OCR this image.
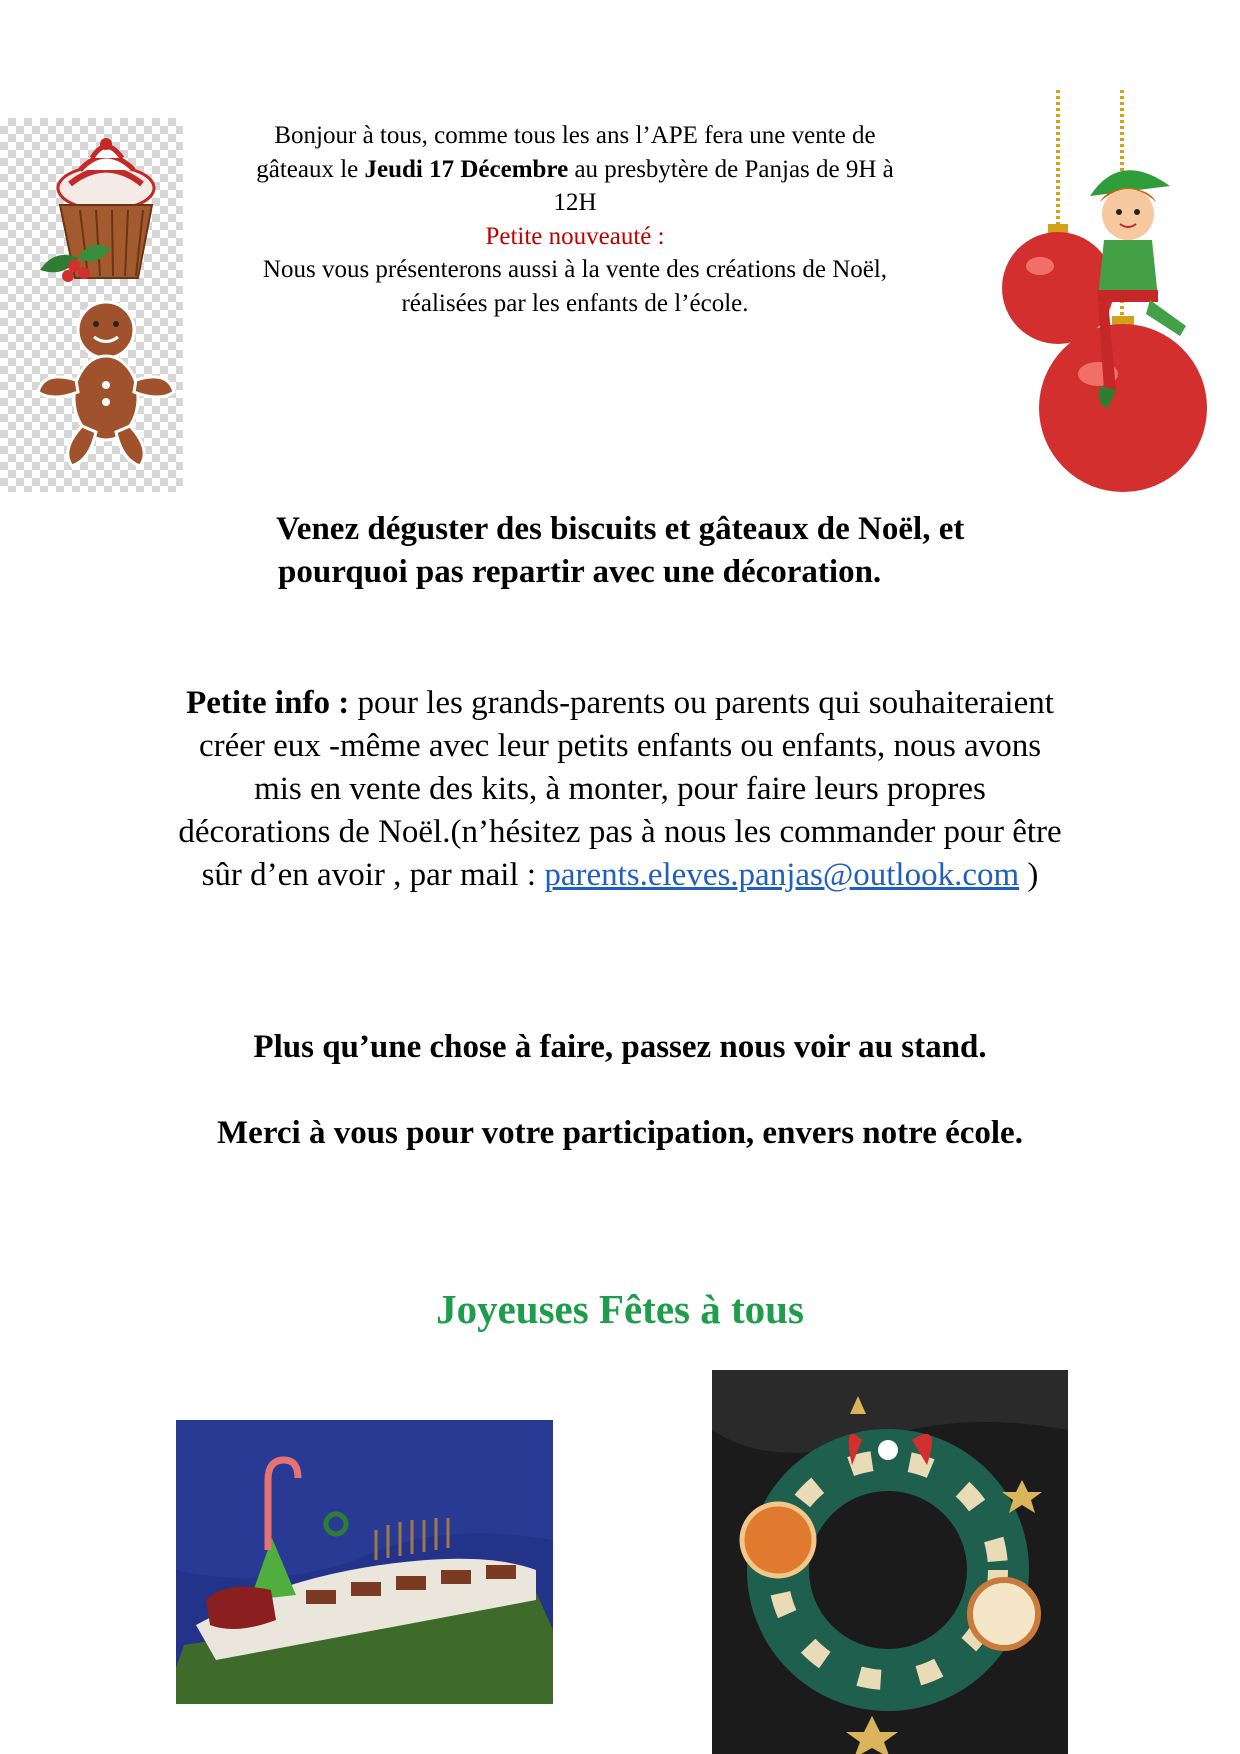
Bonjour à tous, comme tous les ans l’APE fera une vente de
gâteaux le Jeudi 17 Décembre au presbytère de Panjas de 9H à
12H
Petite nouveauté :
Nous vous présenterons aussi à la vente des créations de Noël,
réalisées par les enfants de l’école.
Venez déguster des biscuits et gâteaux de Noël, et
pourquoi pas repartir avec une décoration.
Petite info : pour les grands-parents ou parents qui souhaiteraient
créer eux -même avec leur petits enfants ou enfants, nous avons
mis en vente des kits, à monter, pour faire leurs propres
décorations de Noël.(n’hésitez pas à nous les commander pour être
sûr d’en avoir , par mail : parents.eleves.panjas@outlook.com )
Plus qu’une chose à faire, passez nous voir au stand.
Merci à vous pour votre participation, envers notre école.
Joyeuses Fêtes à tous
